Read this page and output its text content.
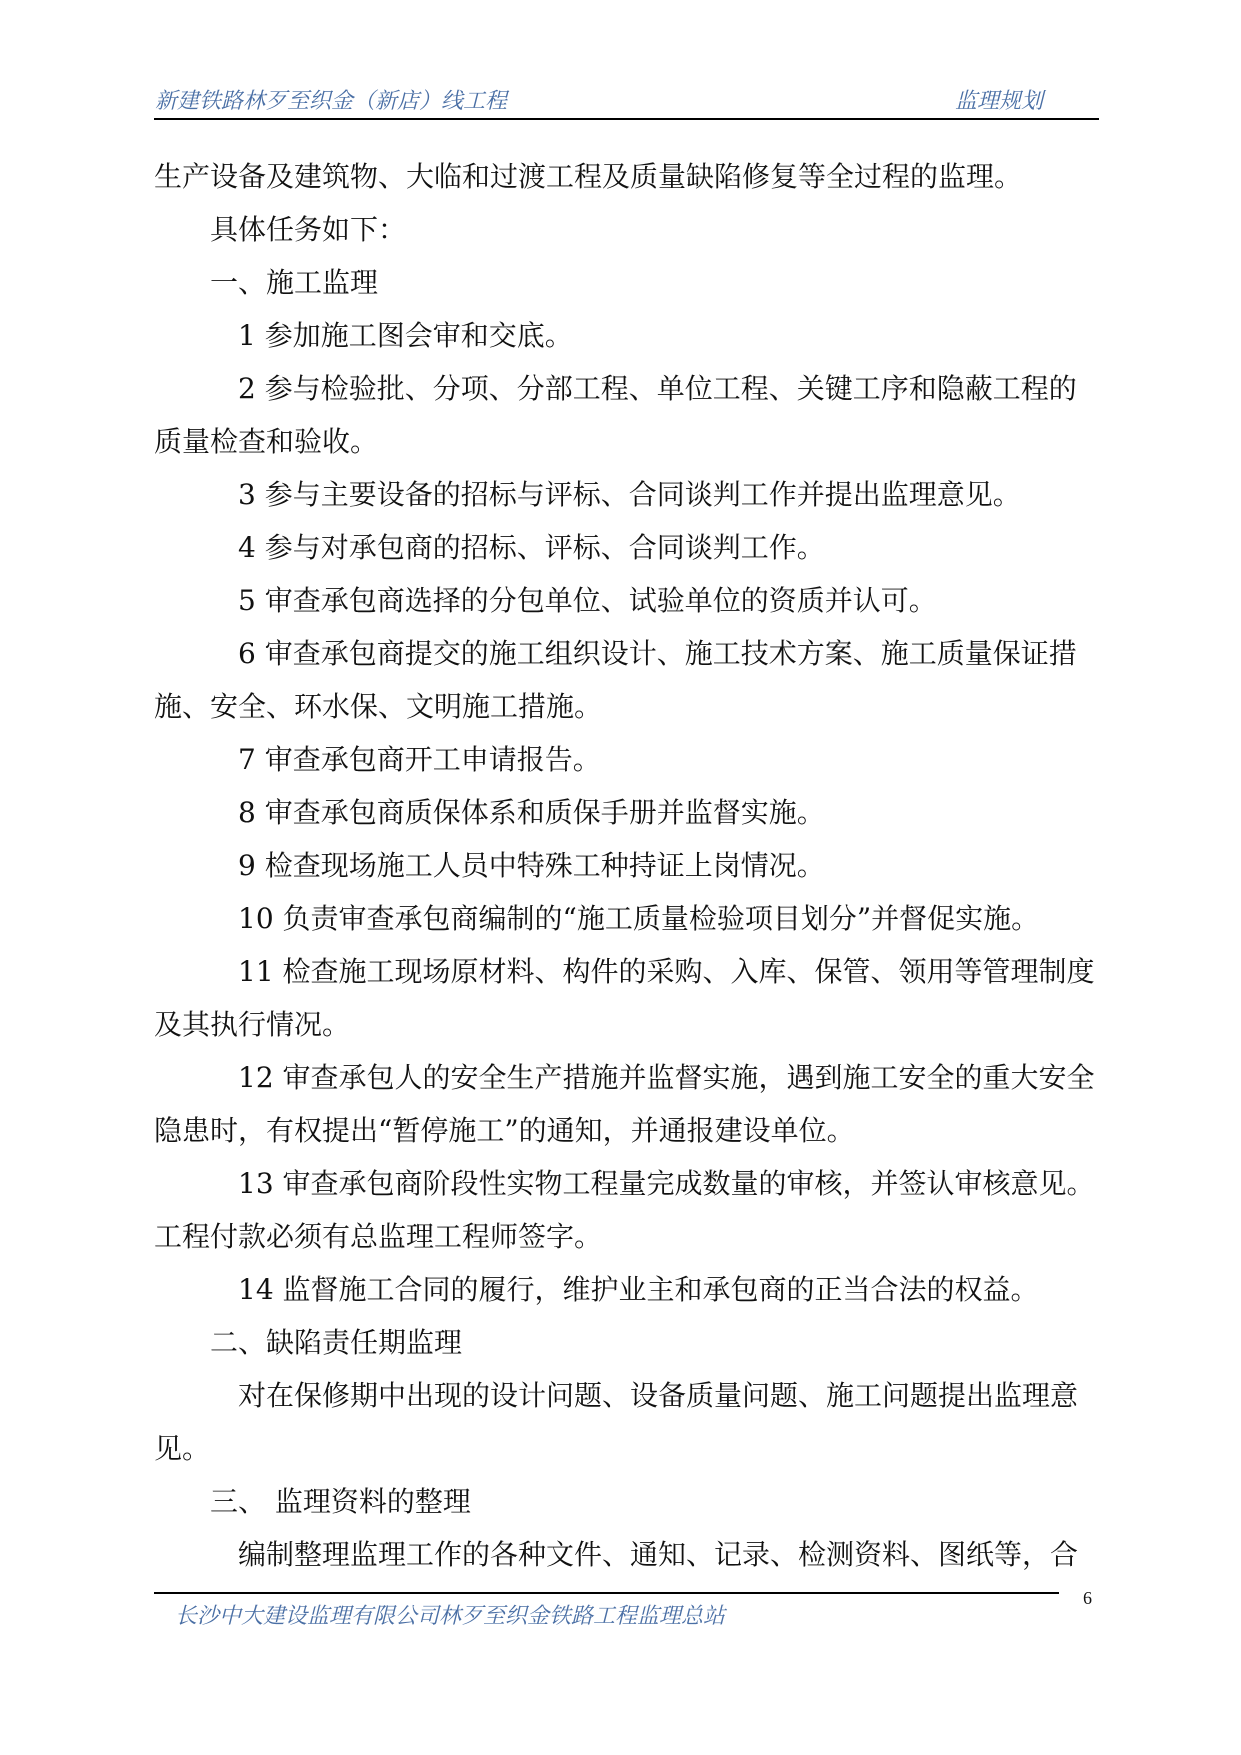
新建铁路林歹至织金（新店）线工程	监理规划

生产设备及建筑物、大临和过渡工程及质量缺陷修复等全过程的监理。

具体任务如下：

一、施工监理

1 参加施工图会审和交底。

2 参与检验批、分项、分部工程、单位工程、关键工序和隐蔽工程的质量检查和验收。

3 参与主要设备的招标与评标、合同谈判工作并提出监理意见。

4 参与对承包商的招标、评标、合同谈判工作。

5 审查承包商选择的分包单位、试验单位的资质并认可。

6 审查承包商提交的施工组织设计、施工技术方案、施工质量保证措施、安全、环水保、文明施工措施。

7 审查承包商开工申请报告。

8 审查承包商质保体系和质保手册并监督实施。

9 检查现场施工人员中特殊工种持证上岗情况。

10 负责审查承包商编制的“施工质量检验项目划分”并督促实施。

11 检查施工现场原材料、构件的采购、入库、保管、领用等管理制度及其执行情况。

12 审查承包人的安全生产措施并监督实施，遇到施工安全的重大安全隐患时，有权提出“暂停施工”的通知，并通报建设单位。

13 审查承包商阶段性实物工程量完成数量的审核，并签认审核意见。工程付款必须有总监理工程师签字。

14 监督施工合同的履行，维护业主和承包商的正当合法的权益。

二、缺陷责任期监理

对在保修期中出现的设计问题、设备质量问题、施工问题提出监理意见。

三、 监理资料的整理

编制整理监理工作的各种文件、通知、记录、检测资料、图纸等，合

长沙中大建设监理有限公司林歹至织金铁路工程监理总站
6
